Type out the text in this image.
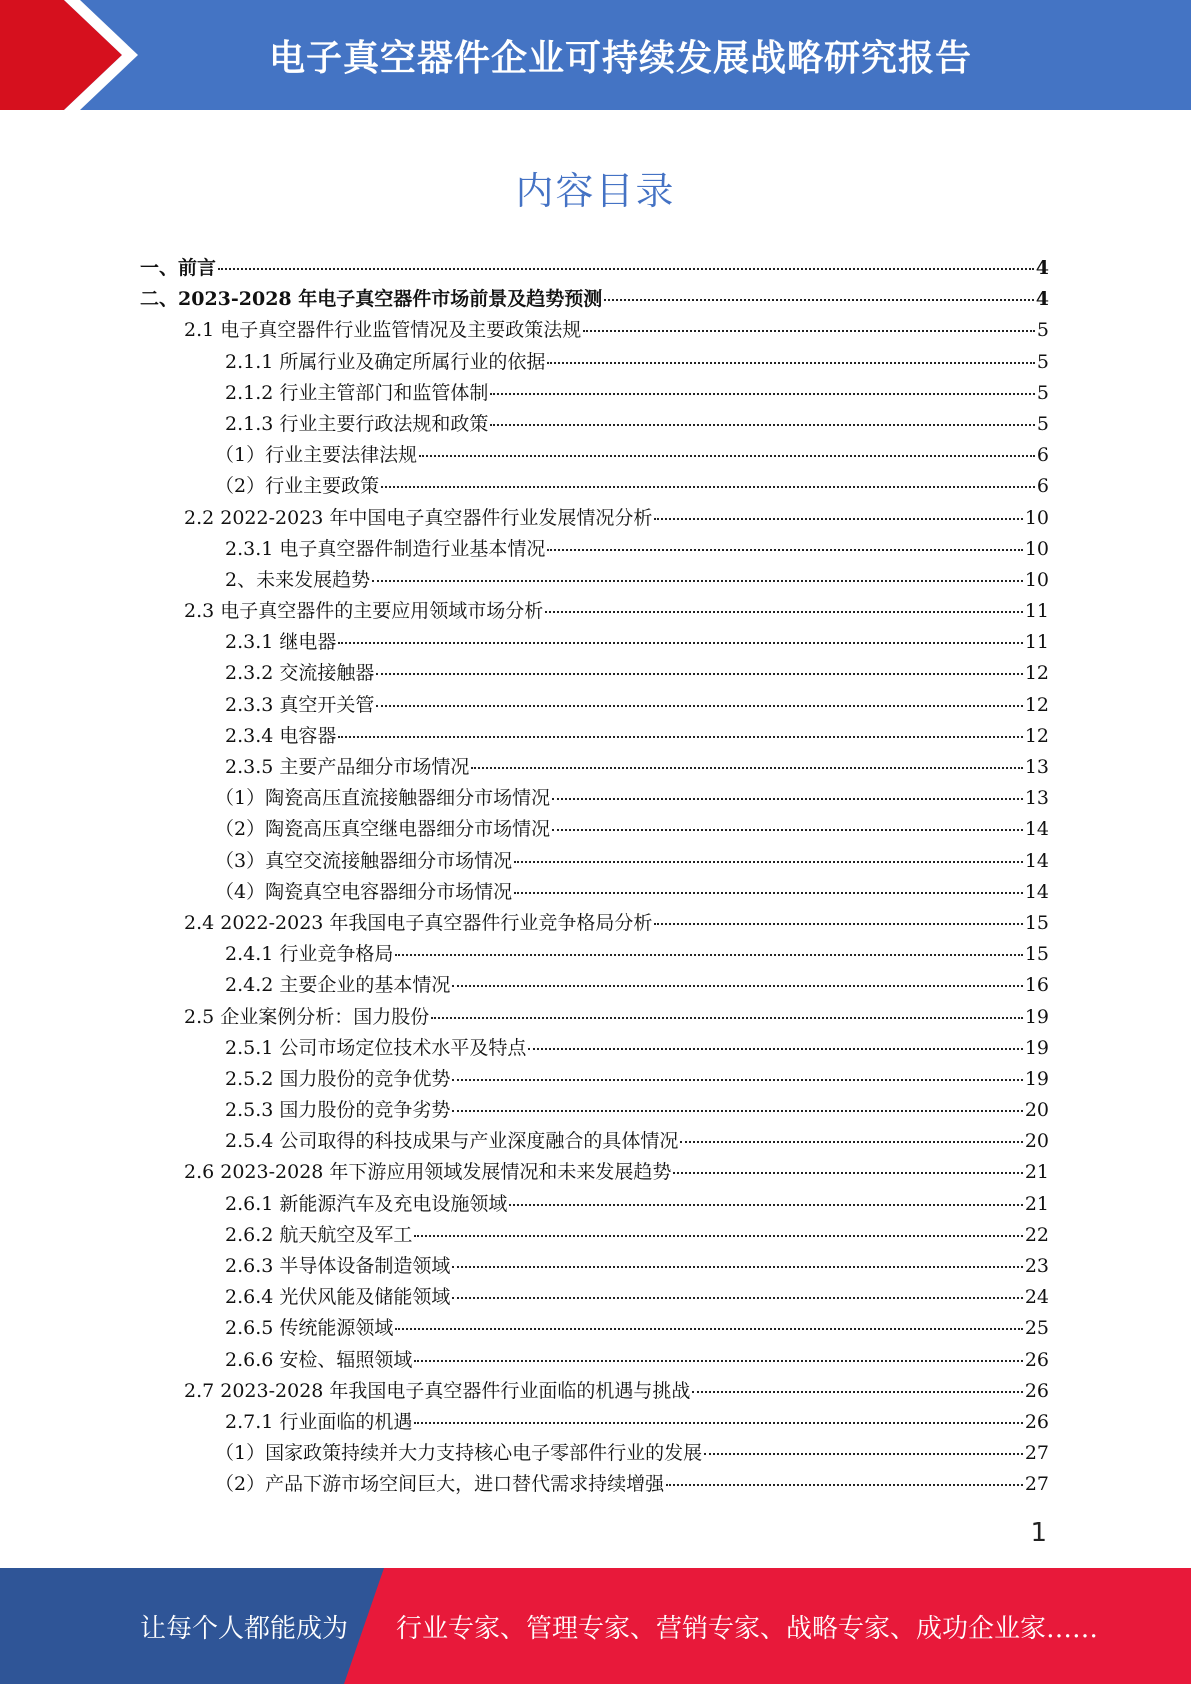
电子真空器件企业可持续发展战略研究报告
内容目录
一、前言	4
二、2023-2028 年电子真空器件市场前景及趋势预测	4
2.1 电子真空器件行业监管情况及主要政策法规	5
2.1.1 所属行业及确定所属行业的依据	5
2.1.2 行业主管部门和监管体制	5
2.1.3 行业主要行政法规和政策	5
（1）行业主要法律法规	6
（2）行业主要政策	6
2.2 2022-2023 年中国电子真空器件行业发展情况分析	10
2.3.1 电子真空器件制造行业基本情况	10
2、未来发展趋势	10
2.3 电子真空器件的主要应用领域市场分析	11
2.3.1 继电器	11
2.3.2 交流接触器	12
2.3.3 真空开关管	12
2.3.4 电容器	12
2.3.5 主要产品细分市场情况	13
（1）陶瓷高压直流接触器细分市场情况	13
（2）陶瓷高压真空继电器细分市场情况	14
（3）真空交流接触器细分市场情况	14
（4）陶瓷真空电容器细分市场情况	14
2.4 2022-2023 年我国电子真空器件行业竞争格局分析	15
2.4.1 行业竞争格局	15
2.4.2 主要企业的基本情况	16
2.5 企业案例分析：国力股份	19
2.5.1 公司市场定位技术水平及特点	19
2.5.2 国力股份的竞争优势	19
2.5.3 国力股份的竞争劣势	20
2.5.4 公司取得的科技成果与产业深度融合的具体情况	20
2.6 2023-2028 年下游应用领域发展情况和未来发展趋势	21
2.6.1 新能源汽车及充电设施领域	21
2.6.2 航天航空及军工	22
2.6.3 半导体设备制造领域	23
2.6.4 光伏风能及储能领域	24
2.6.5 传统能源领域	25
2.6.6 安检、辐照领域	26
2.7 2023-2028 年我国电子真空器件行业面临的机遇与挑战	26
2.7.1 行业面临的机遇	26
（1）国家政策持续并大力支持核心电子零部件行业的发展	27
（2）产品下游市场空间巨大，进口替代需求持续增强	27
1
让每个人都能成为	行业专家、管理专家、营销专家、战略专家、成功企业家……
